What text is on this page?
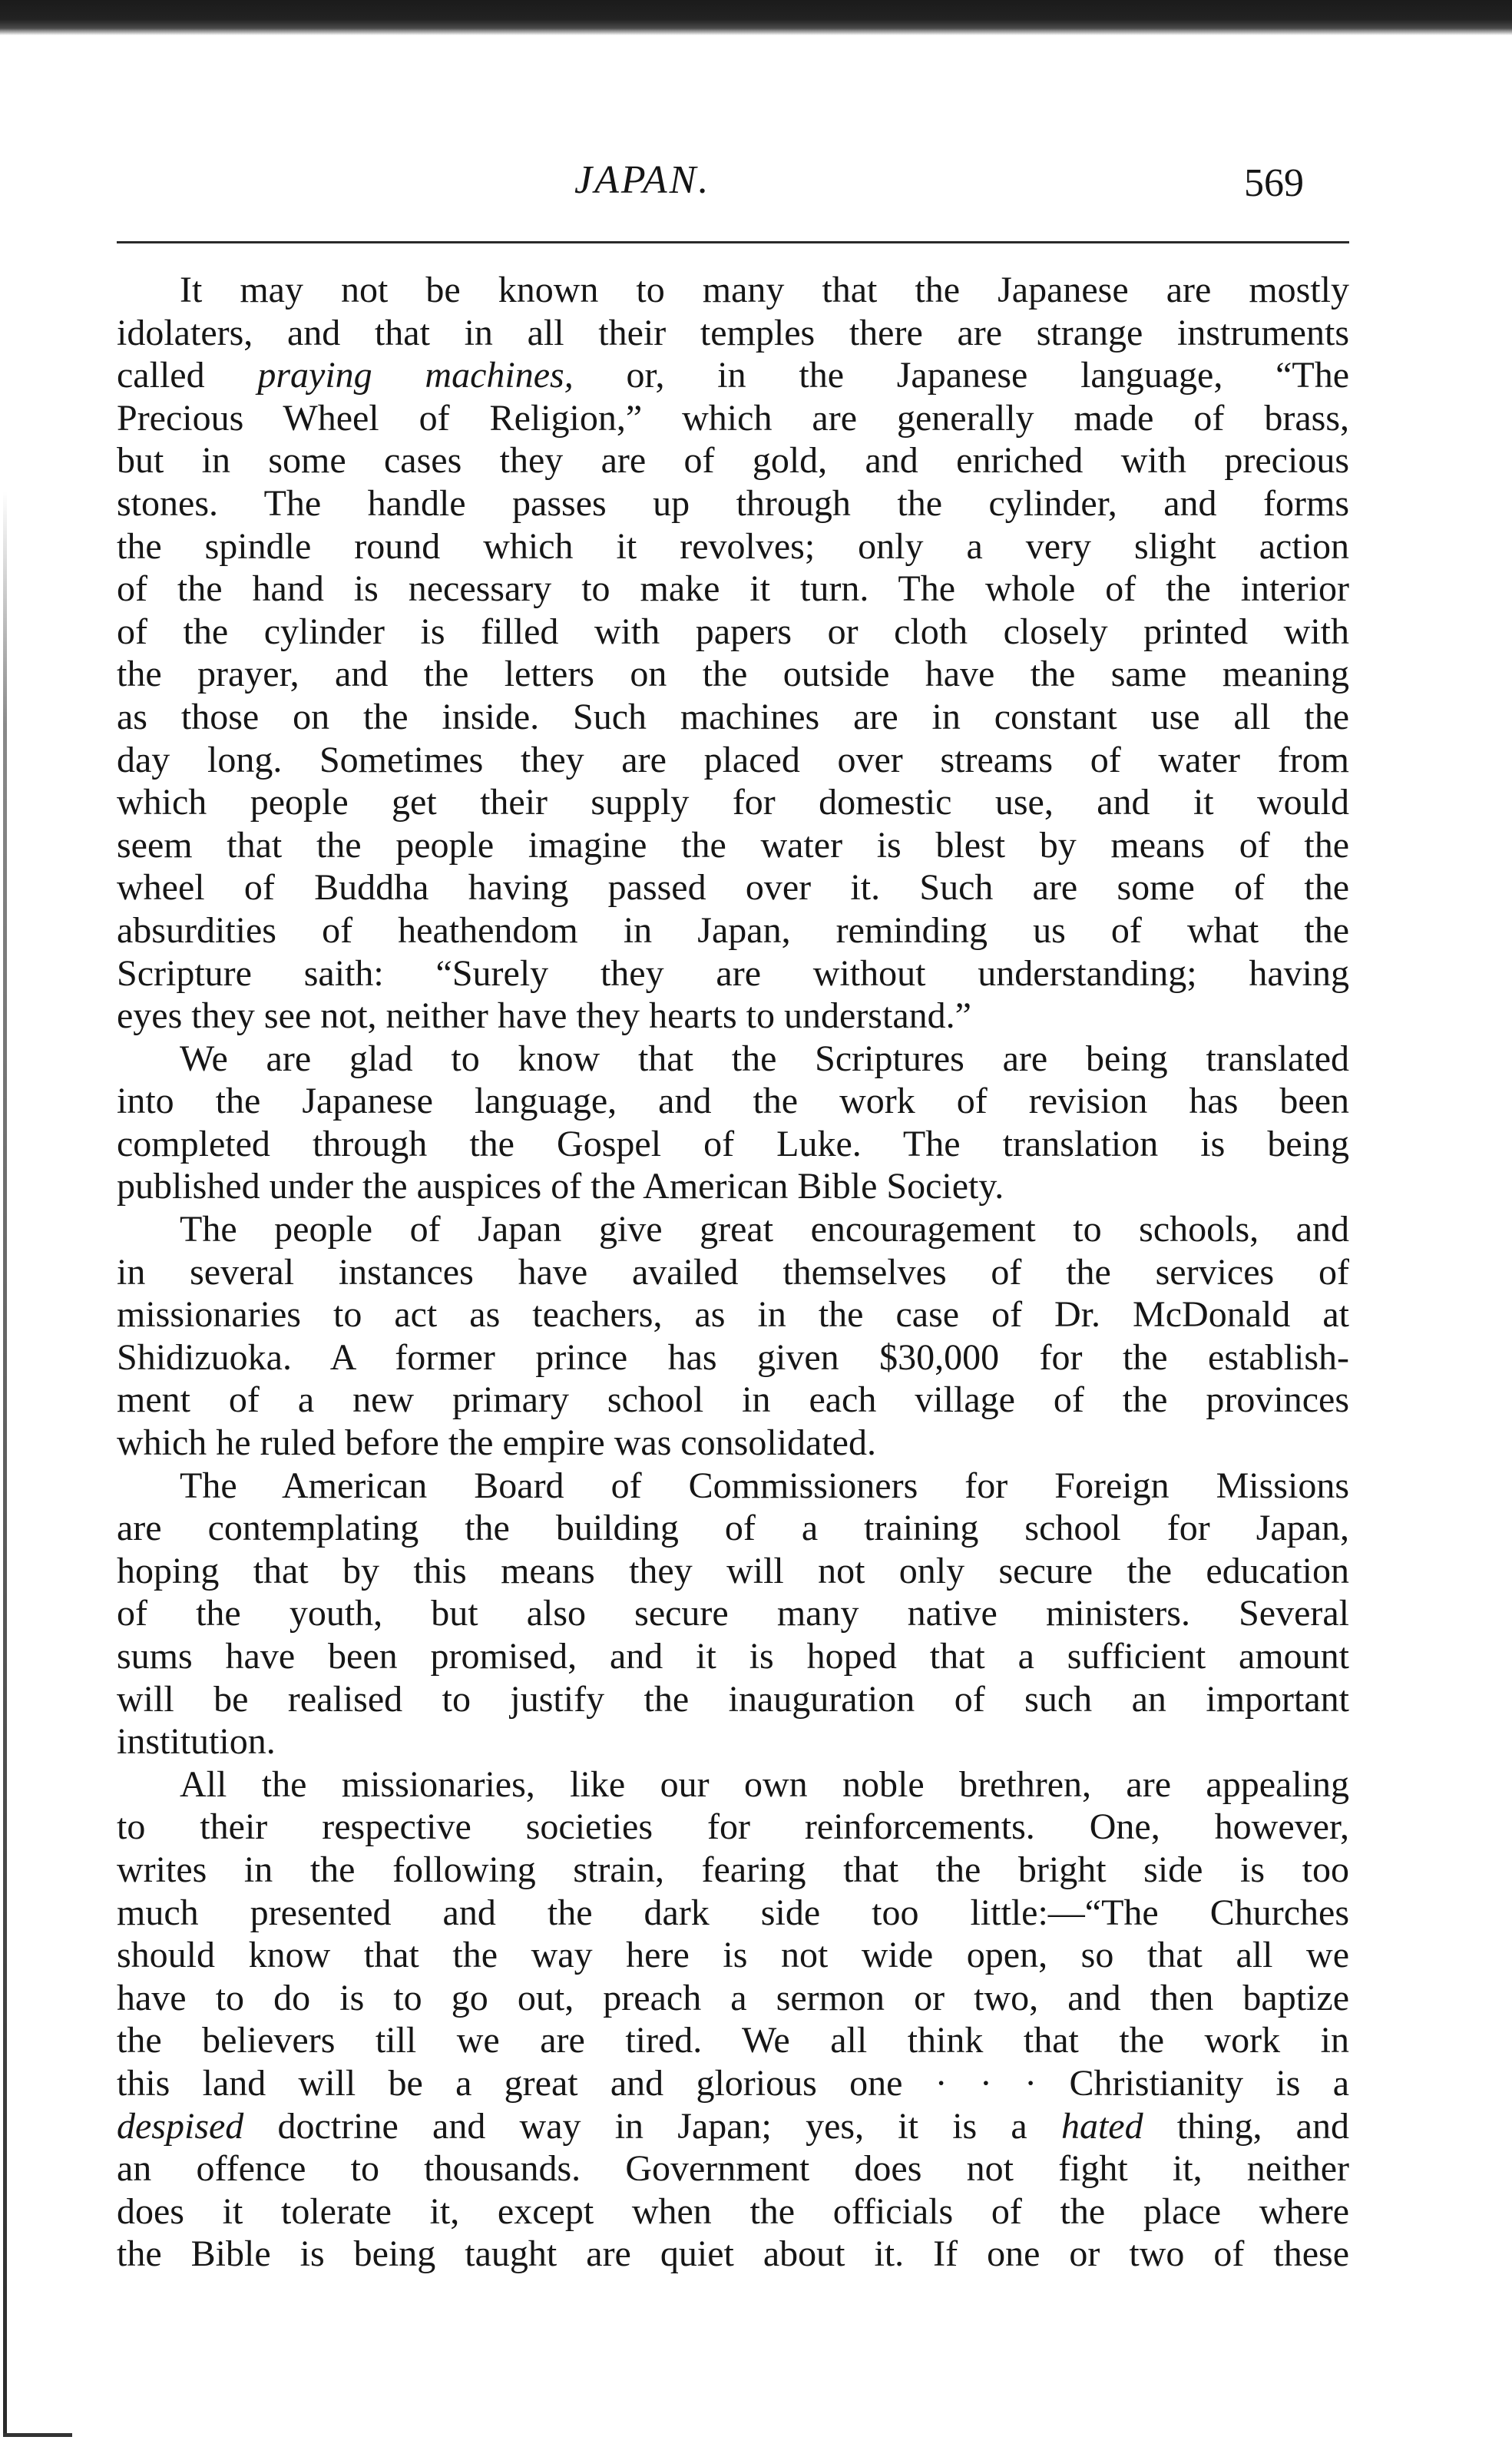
JAPAN.	569
It may not be known to many that the Japanese are mostly
idolaters, and that in all their temples there are strange instruments
called praying machines, or, in the Japanese language, “The
Precious Wheel of Religion,” which are generally made of brass,
but in some cases they are of gold, and enriched with precious
stones. The handle passes up through the cylinder, and forms
the spindle round which it revolves; only a very slight action
of the hand is necessary to make it turn. The whole of the interior
of the cylinder is filled with papers or cloth closely printed with
the prayer, and the letters on the outside have the same meaning
as those on the inside. Such machines are in constant use all the
day long. Sometimes they are placed over streams of water from
which people get their supply for domestic use, and it would
seem that the people imagine the water is blest by means of the
wheel of Buddha having passed over it. Such are some of the
absurdities of heathendom in Japan, reminding us of what the
Scripture saith: “Surely they are without understanding; having
eyes they see not, neither have they hearts to understand.”
We are glad to know that the Scriptures are being translated
into the Japanese language, and the work of revision has been
completed through the Gospel of Luke. The translation is being
published under the auspices of the American Bible Society.
The people of Japan give great encouragement to schools, and
in several instances have availed themselves of the services of
missionaries to act as teachers, as in the case of Dr. McDonald at
Shidizuoka. A former prince has given $30,000 for the establish-
ment of a new primary school in each village of the provinces
which he ruled before the empire was consolidated.
The American Board of Commissioners for Foreign Missions
are contemplating the building of a training school for Japan,
hoping that by this means they will not only secure the education
of the youth, but also secure many native ministers. Several
sums have been promised, and it is hoped that a sufficient amount
will be realised to justify the inauguration of such an important
institution.
All the missionaries, like our own noble brethren, are appealing
to their respective societies for reinforcements. One, however,
writes in the following strain, fearing that the bright side is too
much presented and the dark side too little:—“The Churches
should know that the way here is not wide open, so that all we
have to do is to go out, preach a sermon or two, and then baptize
the believers till we are tired. We all think that the work in
this land will be a great and glorious one · · · Christianity is a
despised doctrine and way in Japan; yes, it is a hated thing, and
an offence to thousands. Government does not fight it, neither
does it tolerate it, except when the officials of the place where
the Bible is being taught are quiet about it. If one or two of these
